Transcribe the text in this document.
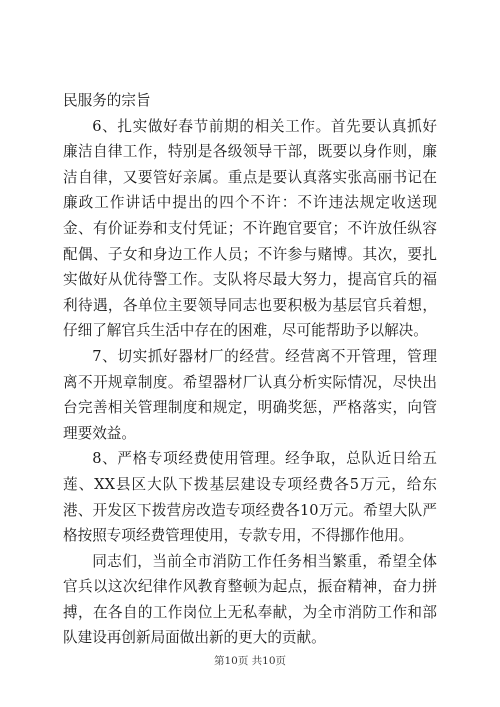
民服务的宗旨

6、扎实做好春节前期的相关工作。首先要认真抓好廉洁自律工作，特别是各级领导干部，既要以身作则，廉洁自律，又要管好亲属。重点是要认真落实张高丽书记在廉政工作讲话中提出的四个不许：不许违法规定收送现金、有价证券和支付凭证；不许跑官要官；不许放任纵容配偶、子女和身边工作人员；不许参与赌博。其次，要扎实做好从优待警工作。支队将尽最大努力，提高官兵的福利待遇，各单位主要领导同志也要积极为基层官兵着想，仔细了解官兵生活中存在的困难，尽可能帮助予以解决。

7、切实抓好器材厂的经营。经营离不开管理，管理离不开规章制度。希望器材厂认真分析实际情况，尽快出台完善相关管理制度和规定，明确奖惩，严格落实，向管理要效益。

8、严格专项经费使用管理。经争取，总队近日给五莲、XX县区大队下拨基层建设专项经费各5万元，给东港、开发区下拨营房改造专项经费各10万元。希望大队严格按照专项经费管理使用，专款专用，不得挪作他用。

同志们，当前全市消防工作任务相当繁重，希望全体官兵以这次纪律作风教育整顿为起点，振奋精神，奋力拼搏，在各自的工作岗位上无私奉献，为全市消防工作和部队建设再创新局面做出新的更大的贡献。

第10页 共10页
